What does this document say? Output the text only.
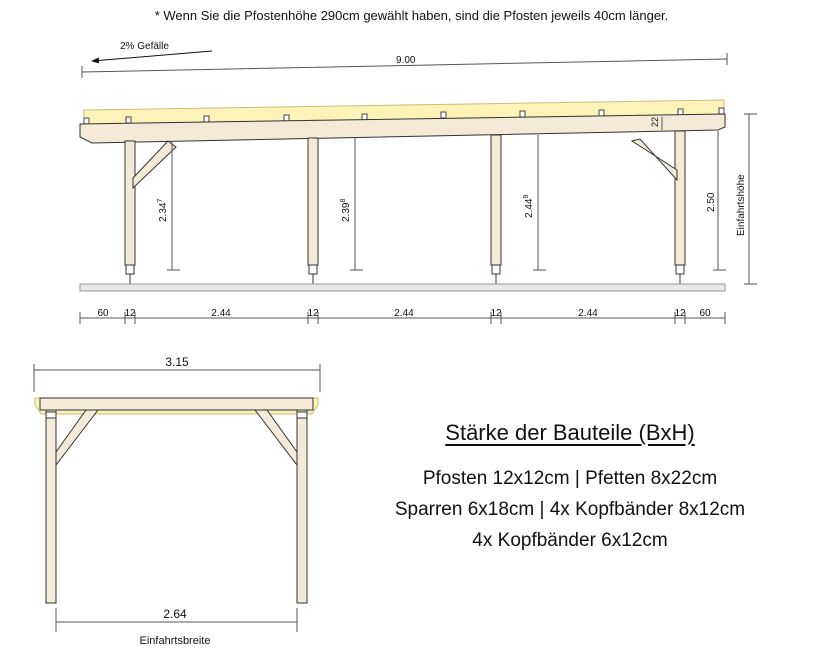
* Wenn Sie die Pfostenhöhe 290cm gewählt haben, sind die Pfosten jeweils 40cm länger.
2% Gefälle
9.00
22
2.34$^7$
2.39$^8$	2.44$^9$	2.50 Einfahrtshöhe
60 12	2.44	12	2.44	12	2.44	12 60
3.15
2.64
Einfahrtsbreite
Stärke der Bauteile (BxH)
Pfosten 12x12cm | Pfetten 8x22cm
Sparren 6x18cm | 4x Kopfbänder 8x12cm
4x Kopfbänder 6x12cm
